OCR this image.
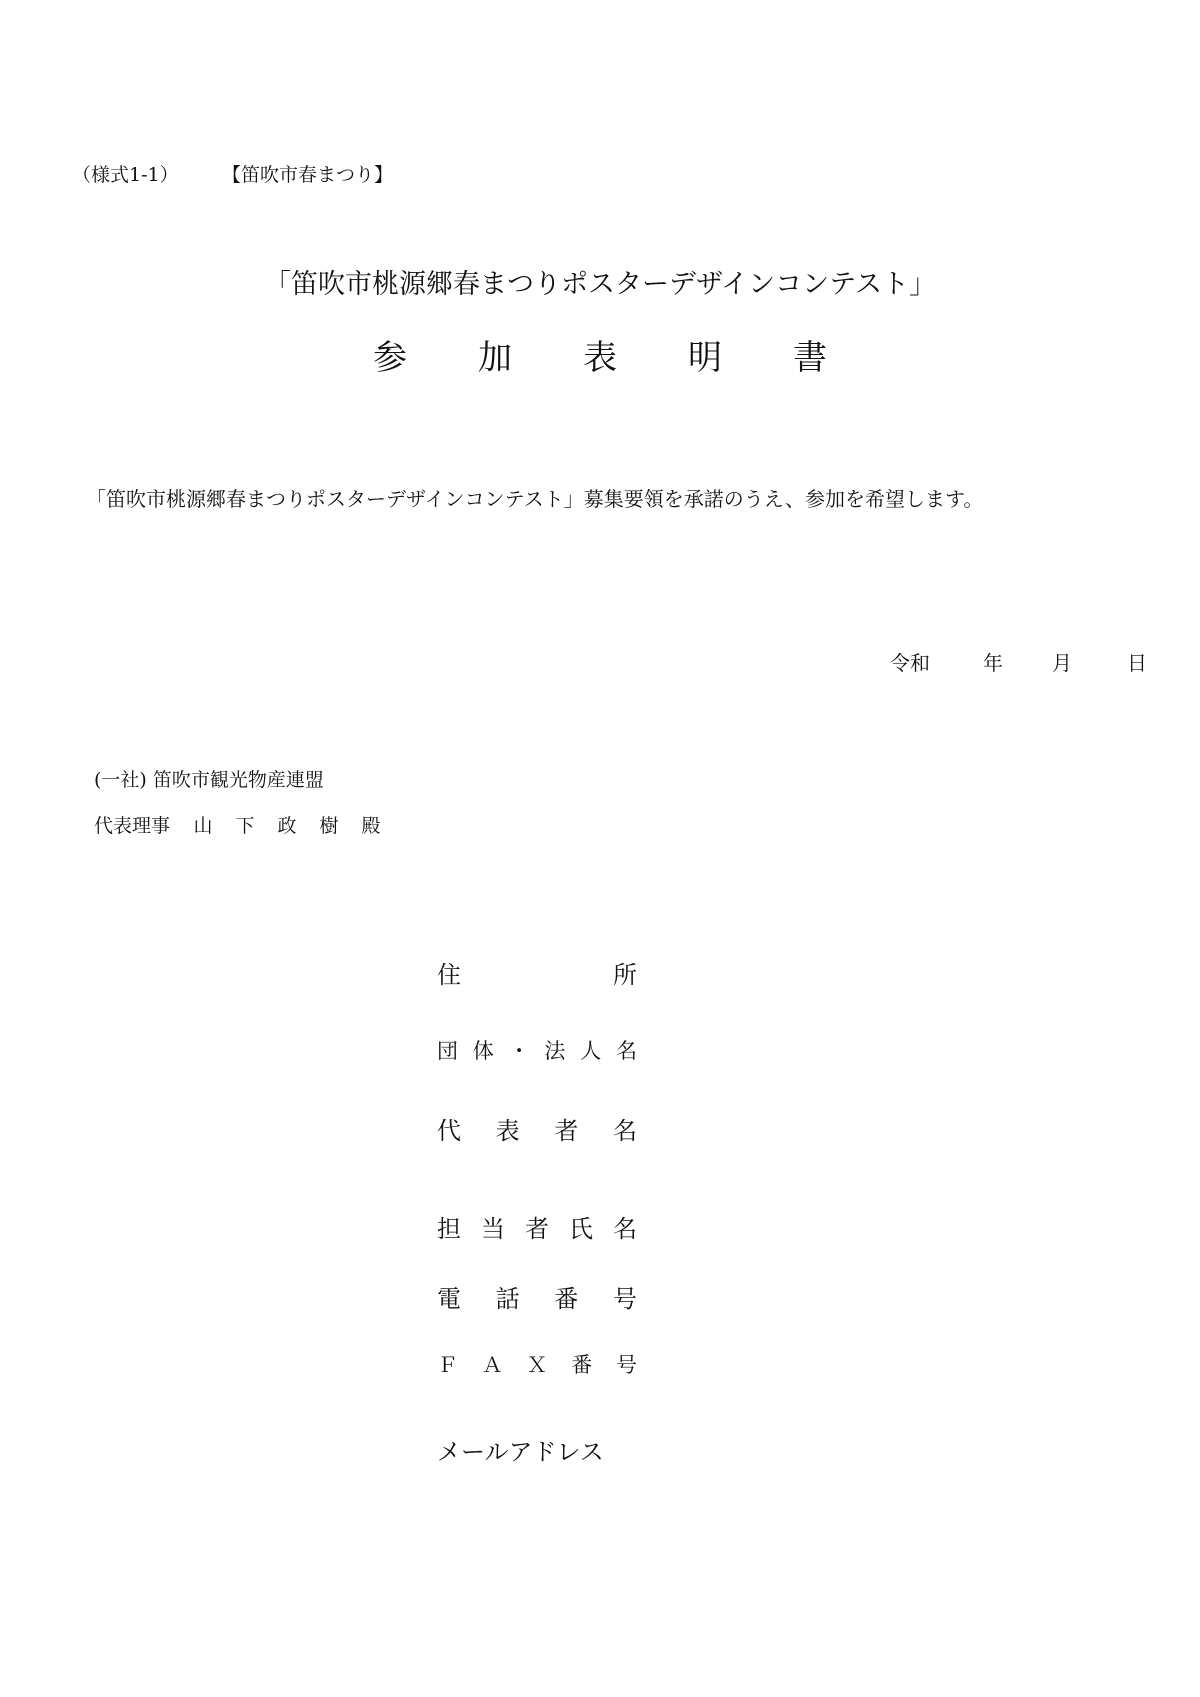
（様式1-1） 【笛吹市春まつり】
「笛吹市桃源郷春まつりポスターデザインコンテスト」
参 加 表 明 書
「笛吹市桃源郷春まつりポスターデザインコンテスト」募集要領を承諾のうえ、参加を希望します。
令和	年 月	日
(一社) 笛吹市観光物産連盟
代表理事 山 下 政 樹 殿
住	所
団 体 ・ 法 人 名
代 表 者 名
担 当 者 氏 名
電 話 番 号
Ｆ Ａ Ｘ 番 号
メールアドレス
